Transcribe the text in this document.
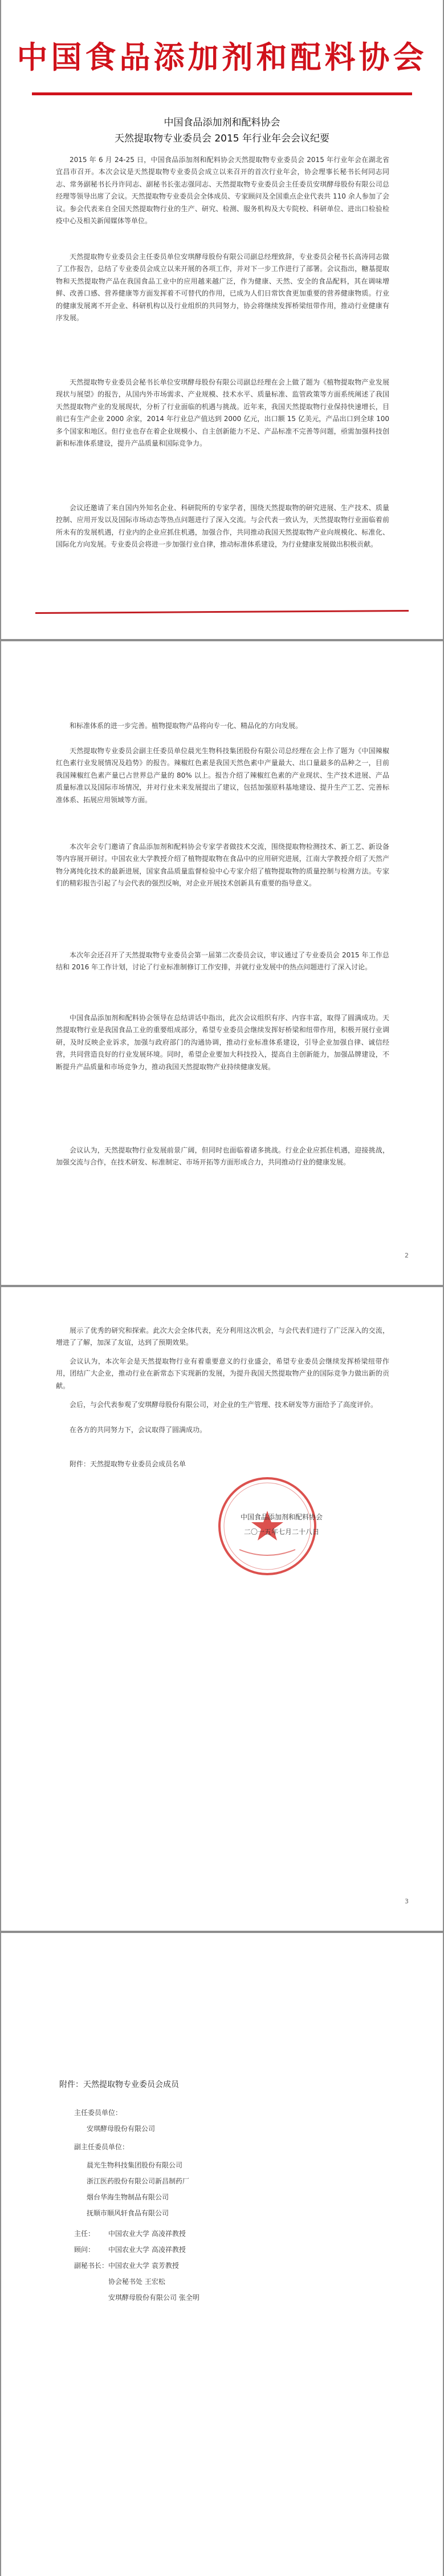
中国食品添加剂和配料协会
中国食品添加剂和配料协会
天然提取物专业委员会 2015 年行业年会会议纪要

2015 年 6 月 24-25 日，中国食品添加剂和配料协会天然提取物专业委员会 2015 年行业年会在湖北省宜昌市召开。本次会议是天然提取物专业委员会成立以来召开的首次行业年会，协会理事长秘书长何同志同志、常务副秘书长丹许同志、副秘书长张志强同志、天然提取物专业委员会主任委员安琪酵母股份有限公司总经理等领导出席了会议。天然提取物专业委员会全体成员、专家顾问及全国重点企业代表共 110 余人参加了会议。参会代表来自全国天然提取物行业的生产、研究、检测、服务机构及大专院校、科研单位、进出口检验检疫中心及相关新闻媒体等单位。

天然提取物专业委员会主任委员单位安琪酵母股份有限公司副总经理致辞，专业委员会秘书长高涛同志做了工作报告，总结了专业委员会成立以来开展的各项工作，并对下一步工作进行了部署。会议指出，糖基提取物和天然提取物产品在我国食品工业中的应用越来越广泛，作为健康、天然、安全的食品配料，其在调味增鲜、改善口感、营养健康等方面发挥着不可替代的作用，已成为人们日常饮食更加重要的营养健康物质。行业的健康发展离不开企业、科研机构以及行业组织的共同努力，协会将继续发挥桥梁纽带作用，推动行业健康有序发展。

天然提取物专业委员会秘书长单位安琪酵母股份有限公司副总经理在会上做了题为《植物提取物产业发展现状与展望》的报告，从国内外市场需求、产业规模、技术水平、质量标准、监管政策等方面系统阐述了我国天然提取物产业的发展现状，分析了行业面临的机遇与挑战。近年来，我国天然提取物行业保持快速增长，目前已有生产企业 2000 余家，2014 年行业总产值达到 2000 亿元，出口额 15 亿美元，产品出口到全球 100 多个国家和地区。但行业也存在着企业规模小、自主创新能力不足、产品标准不完善等问题，亟需加强科技创新和标准体系建设，提升产品质量和国际竞争力。

会议还邀请了来自国内外知名企业、科研院所的专家学者，围绕天然提取物的研究进展、生产技术、质量控制、应用开发以及国际市场动态等热点问题进行了深入交流。与会代表一致认为，天然提取物行业面临着前所未有的发展机遇，行业内的企业应抓住机遇，加强合作，共同推动我国天然提取物产业向规模化、标准化、国际化方向发展。专业委员会将进一步加强行业自律，推动标准体系建设，为行业健康发展做出积极贡献。

和标准体系的进一步完善。植物提取物产品将向专一化、精品化的方向发展。

天然提取物专业委员会副主任委员单位晨光生物科技集团股份有限公司总经理在会上作了题为《中国辣椒红色素行业发展情况及趋势》的报告。辣椒红色素是我国天然色素中产量最大、出口量最多的品种之一，目前我国辣椒红色素产量已占世界总产量的 80% 以上。报告介绍了辣椒红色素的产业现状、生产技术进展、产品质量标准以及国际市场情况，并对行业未来发展提出了建议，包括加强原料基地建设、提升生产工艺、完善标准体系、拓展应用领域等方面。

本次年会专门邀请了食品添加剂和配料协会专家学者做技术交流，围绕提取物检测技术、新工艺、新设备等内容展开研讨。中国农业大学教授介绍了植物提取物在食品中的应用研究进展，江南大学教授介绍了天然产物分离纯化技术的最新进展，国家食品质量监督检验中心专家介绍了植物提取物的质量控制与检测方法。专家们的精彩报告引起了与会代表的强烈反响，对企业开展技术创新具有重要的指导意义。

本次年会还召开了天然提取物专业委员会第一届第二次委员会议，审议通过了专业委员会 2015 年工作总结和 2016 年工作计划，讨论了行业标准制修订工作安排，并就行业发展中的热点问题进行了深入讨论。

中国食品添加剂和配料协会领导在总结讲话中指出，此次会议组织有序、内容丰富，取得了圆满成功。天然提取物行业是我国食品工业的重要组成部分，希望专业委员会继续发挥好桥梁和纽带作用，积极开展行业调研，及时反映企业诉求，加强与政府部门的沟通协调，推动行业标准体系建设，引导企业加强自律、诚信经营，共同营造良好的行业发展环境。同时，希望企业要加大科技投入，提高自主创新能力，加强品牌建设，不断提升产品质量和市场竞争力，推动我国天然提取物产业持续健康发展。

会议认为，天然提取物行业发展前景广阔，但同时也面临着诸多挑战。行业企业应抓住机遇，迎接挑战，加强交流与合作，在技术研发、标准制定、市场开拓等方面形成合力，共同推动行业的健康发展。

2

展示了优秀的研究和探索。此次大会全体代表，充分利用这次机会，与会代表们进行了广泛深入的交流，增进了了解，加深了友谊，达到了预期效果。

会议认为，本次年会是天然提取物行业有着重要意义的行业盛会，希望专业委员会继续发挥桥梁纽带作用，团结广大企业，推动行业在新常态下实现新的发展，为提升我国天然提取物产业的国际竞争力做出新的贡献。

会后，与会代表参观了安琪酵母股份有限公司，对企业的生产管理、技术研发等方面给予了高度评价。

在各方的共同努力下，会议取得了圆满成功。

附件：天然提取物专业委员会成员名单

中国食品添加剂和配料协会
二〇一五年七月二十八日
3
附件：天然提取物专业委员会成员
主任委员单位：
安琪酵母股份有限公司
副主任委员单位：
晨光生物科技集团股份有限公司
浙江医药股份有限公司新昌制药厂
烟台华海生物制品有限公司
抚顺市顺风轩食品有限公司
主任： 中国农业大学 高凌祥教授
顾问： 中国农业大学 高凌祥教授
副秘书长： 中国农业大学 袁芳教授
协会秘书处 王宏松
安琪酵母股份有限公司 张全明
